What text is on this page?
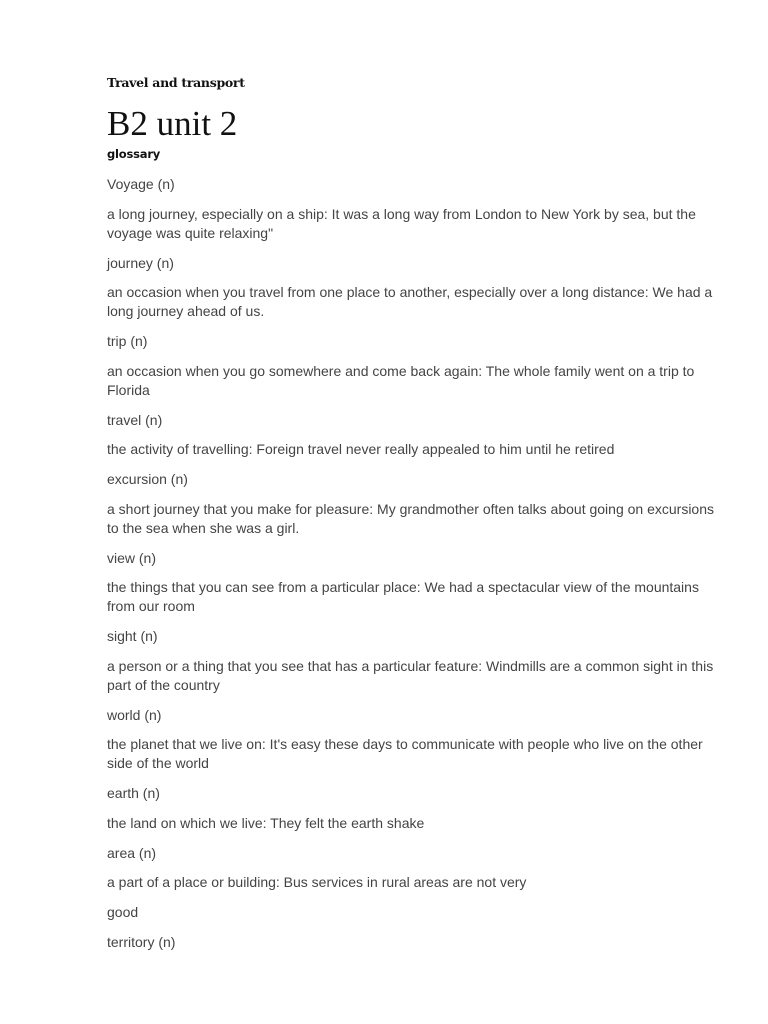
Travel and transport
B2 unit 2
glossary

Voyage (n)

a long journey, especially on a ship: It was a long way from London to New York by sea, but the voyage was quite relaxing"

journey (n)

an occasion when you travel from one place to another, especially over a long distance: We had a long journey ahead of us.

trip (n)

an occasion when you go somewhere and come back again: The whole family went on a trip to Florida

travel (n)

the activity of travelling: Foreign travel never really appealed to him until he retired

excursion (n)

a short journey that you make for pleasure: My grandmother often talks about going on excursions to the sea when she was a girl.

view (n)

the things that you can see from a particular place: We had a spectacular view of the mountains from our room

sight (n)

a person or a thing that you see that has a particular feature: Windmills are a common sight in this part of the country

world (n)

the planet that we live on: It's easy these days to communicate with people who live on the other side of the world

earth (n)

the land on which we live: They felt the earth shake

area (n)

a part of a place or building: Bus services in rural areas are not very

good

territory (n)
